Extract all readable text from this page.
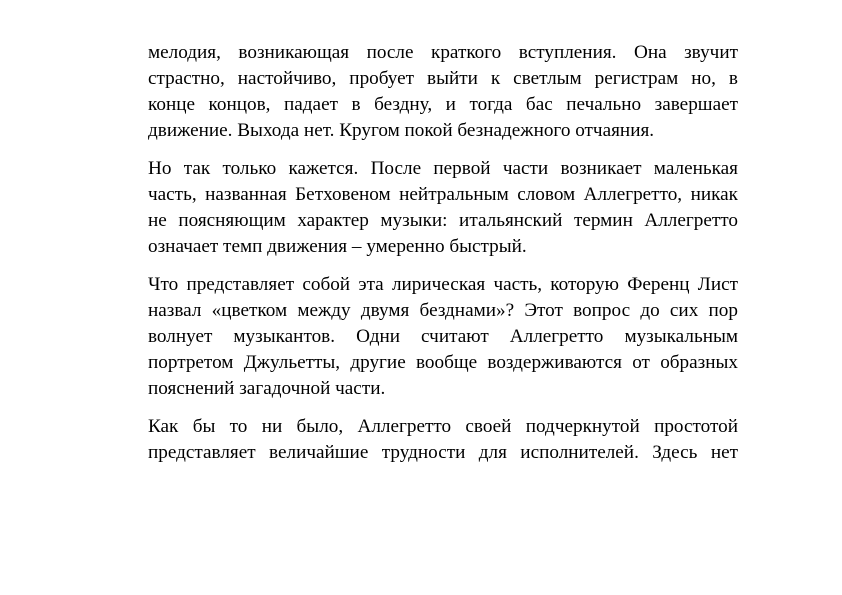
мелодия, возникающая после краткого вступления. Она звучит
страстно, настойчиво, пробует выйти к светлым регистрам но, в
конце концов, падает в бездну, и тогда бас печально завершает
движение. Выхода нет. Кругом покой безнадежного отчаяния.

Но так только кажется. После первой части возникает маленькая
часть, названная Бетховеном нейтральным словом Аллегретто, никак
не поясняющим характер музыки: итальянский термин Аллегретто
означает темп движения – умеренно быстрый.

Что представляет собой эта лирическая часть, которую Ференц Лист
назвал «цветком между двумя безднами»? Этот вопрос до сих пор
волнует музыкантов. Одни считают Аллегретто музыкальным
портретом Джульетты, другие вообще воздерживаются от образных
пояснений загадочной части.

Как бы то ни было, Аллегретто своей подчеркнутой простотой
представляет величайшие трудности для исполнителей. Здесь нет
